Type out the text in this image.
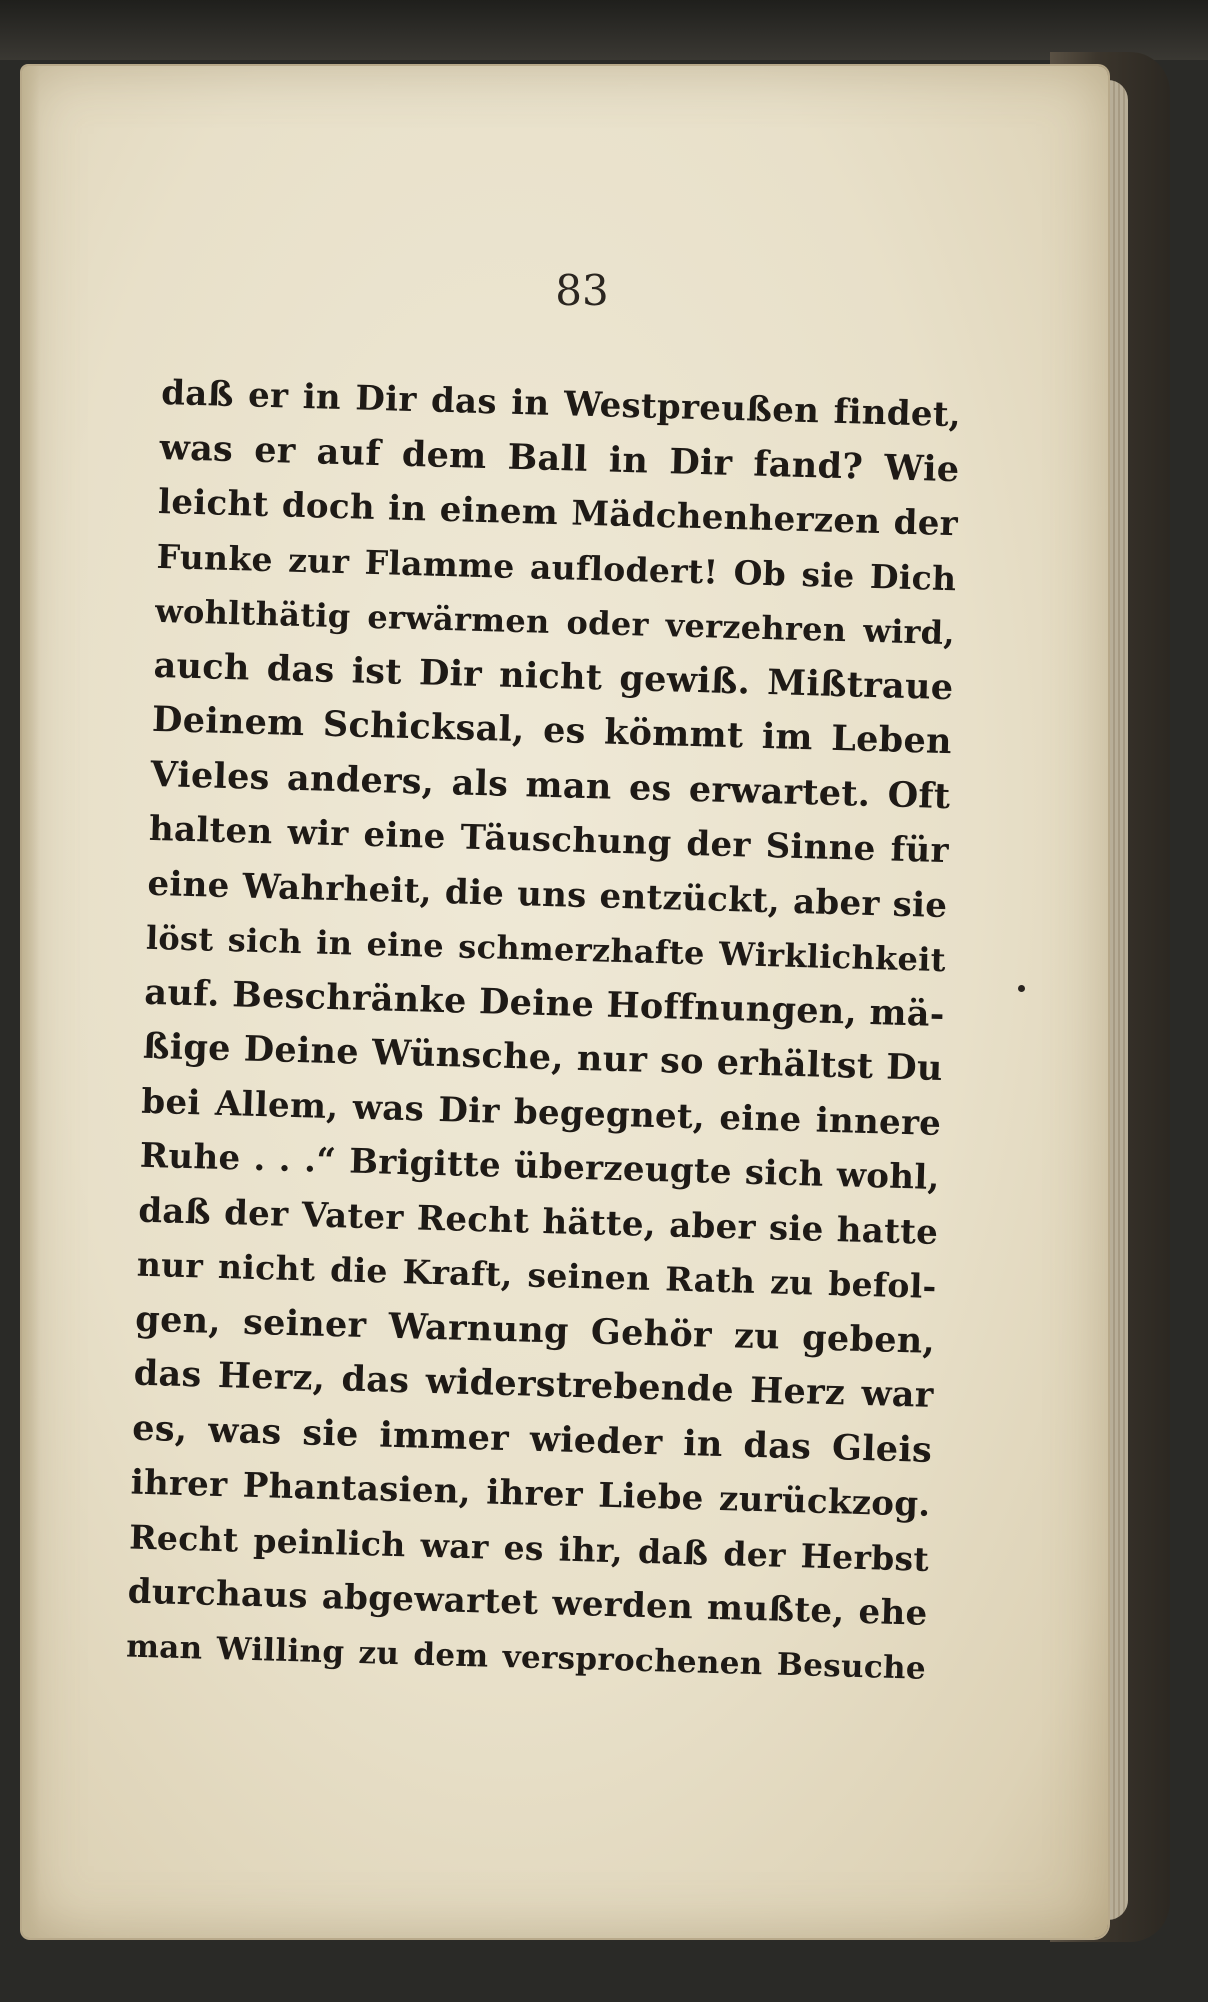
83
daß er in Dir das in Westpreußen findet,
was er auf dem Ball in Dir fand? Wie
leicht doch in einem Mädchenherzen der
Funke zur Flamme auflodert! Ob sie Dich
wohlthätig erwärmen oder verzehren wird,
auch das ist Dir nicht gewiß. Mißtraue
Deinem Schicksal, es kömmt im Leben
Vieles anders, als man es erwartet. Oft
halten wir eine Täuschung der Sinne für
eine Wahrheit, die uns entzückt, aber sie
löst sich in eine schmerzhafte Wirklichkeit
auf. Beschränke Deine Hoffnungen, mä-
ßige Deine Wünsche, nur so erhältst Du
bei Allem, was Dir begegnet, eine innere
Ruhe . . .“ Brigitte überzeugte sich wohl,
daß der Vater Recht hätte, aber sie hatte
nur nicht die Kraft, seinen Rath zu befol-
gen, seiner Warnung Gehör zu geben,
das Herz, das widerstrebende Herz war
es, was sie immer wieder in das Gleis
ihrer Phantasien, ihrer Liebe zurückzog.
Recht peinlich war es ihr, daß der Herbst
durchaus abgewartet werden mußte, ehe
man Willing zu dem versprochenen Besuche
